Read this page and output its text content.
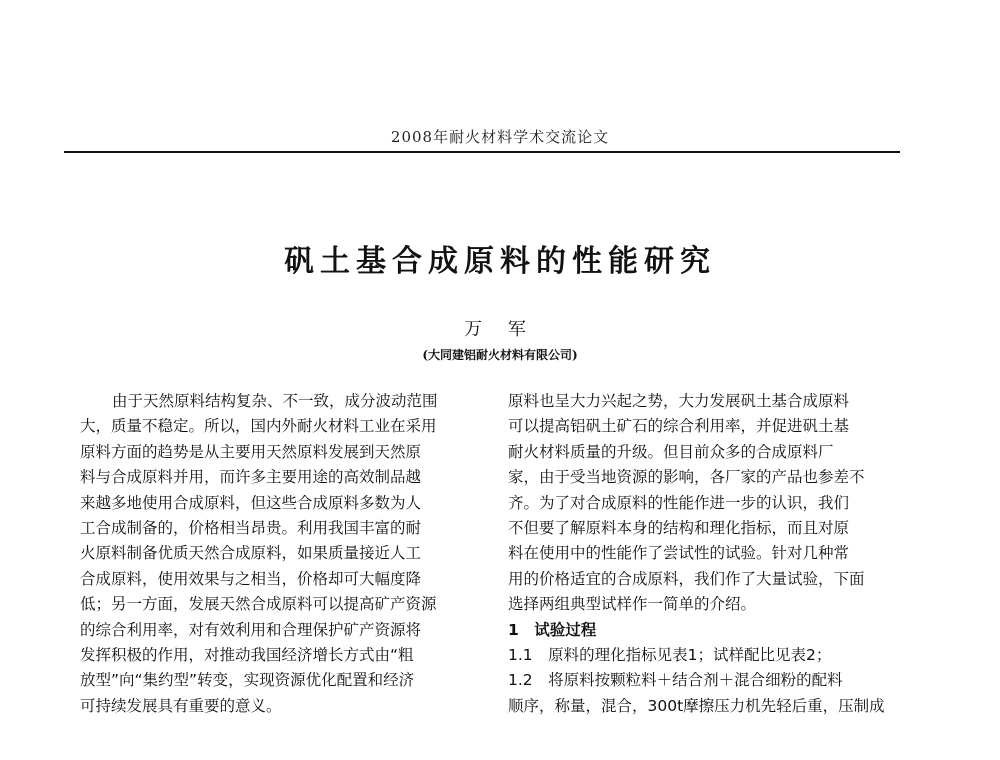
2008年耐火材料学术交流论文
矾土基合成原料的性能研究
万 军
(大同建铝耐火材料有限公司)
由于天然原料结构复杂、不一致，成分波动范围
大，质量不稳定。所以，国内外耐火材料工业在采用
原料方面的趋势是从主要用天然原料发展到天然原
料与合成原料并用，而许多主要用途的高效制品越
来越多地使用合成原料，但这些合成原料多数为人
工合成制备的，价格相当昂贵。利用我国丰富的耐
火原料制备优质天然合成原料，如果质量接近人工
合成原料，使用效果与之相当，价格却可大幅度降
低；另一方面，发展天然合成原料可以提高矿产资源
的综合利用率，对有效利用和合理保护矿产资源将
发挥积极的作用，对推动我国经济增长方式由“粗
放型”向“集约型”转变，实现资源优化配置和经济
可持续发展具有重要的意义。
原料也呈大力兴起之势，大力发展矾土基合成原料
可以提高铝矾土矿石的综合利用率，并促进矾土基
耐火材料质量的升级。但目前众多的合成原料厂
家，由于受当地资源的影响，各厂家的产品也参差不
齐。为了对合成原料的性能作进一步的认识，我们
不但要了解原料本身的结构和理化指标，而且对原
料在使用中的性能作了尝试性的试验。针对几种常
用的价格适宜的合成原料，我们作了大量试验，下面
选择两组典型试样作一简单的介绍。
1　试验过程
1.1　原料的理化指标见表1；试样配比见表2；
1.2　将原料按颗粒料＋结合剂＋混合细粉的配料
顺序，称量，混合，300t摩擦压力机先轻后重，压制成
